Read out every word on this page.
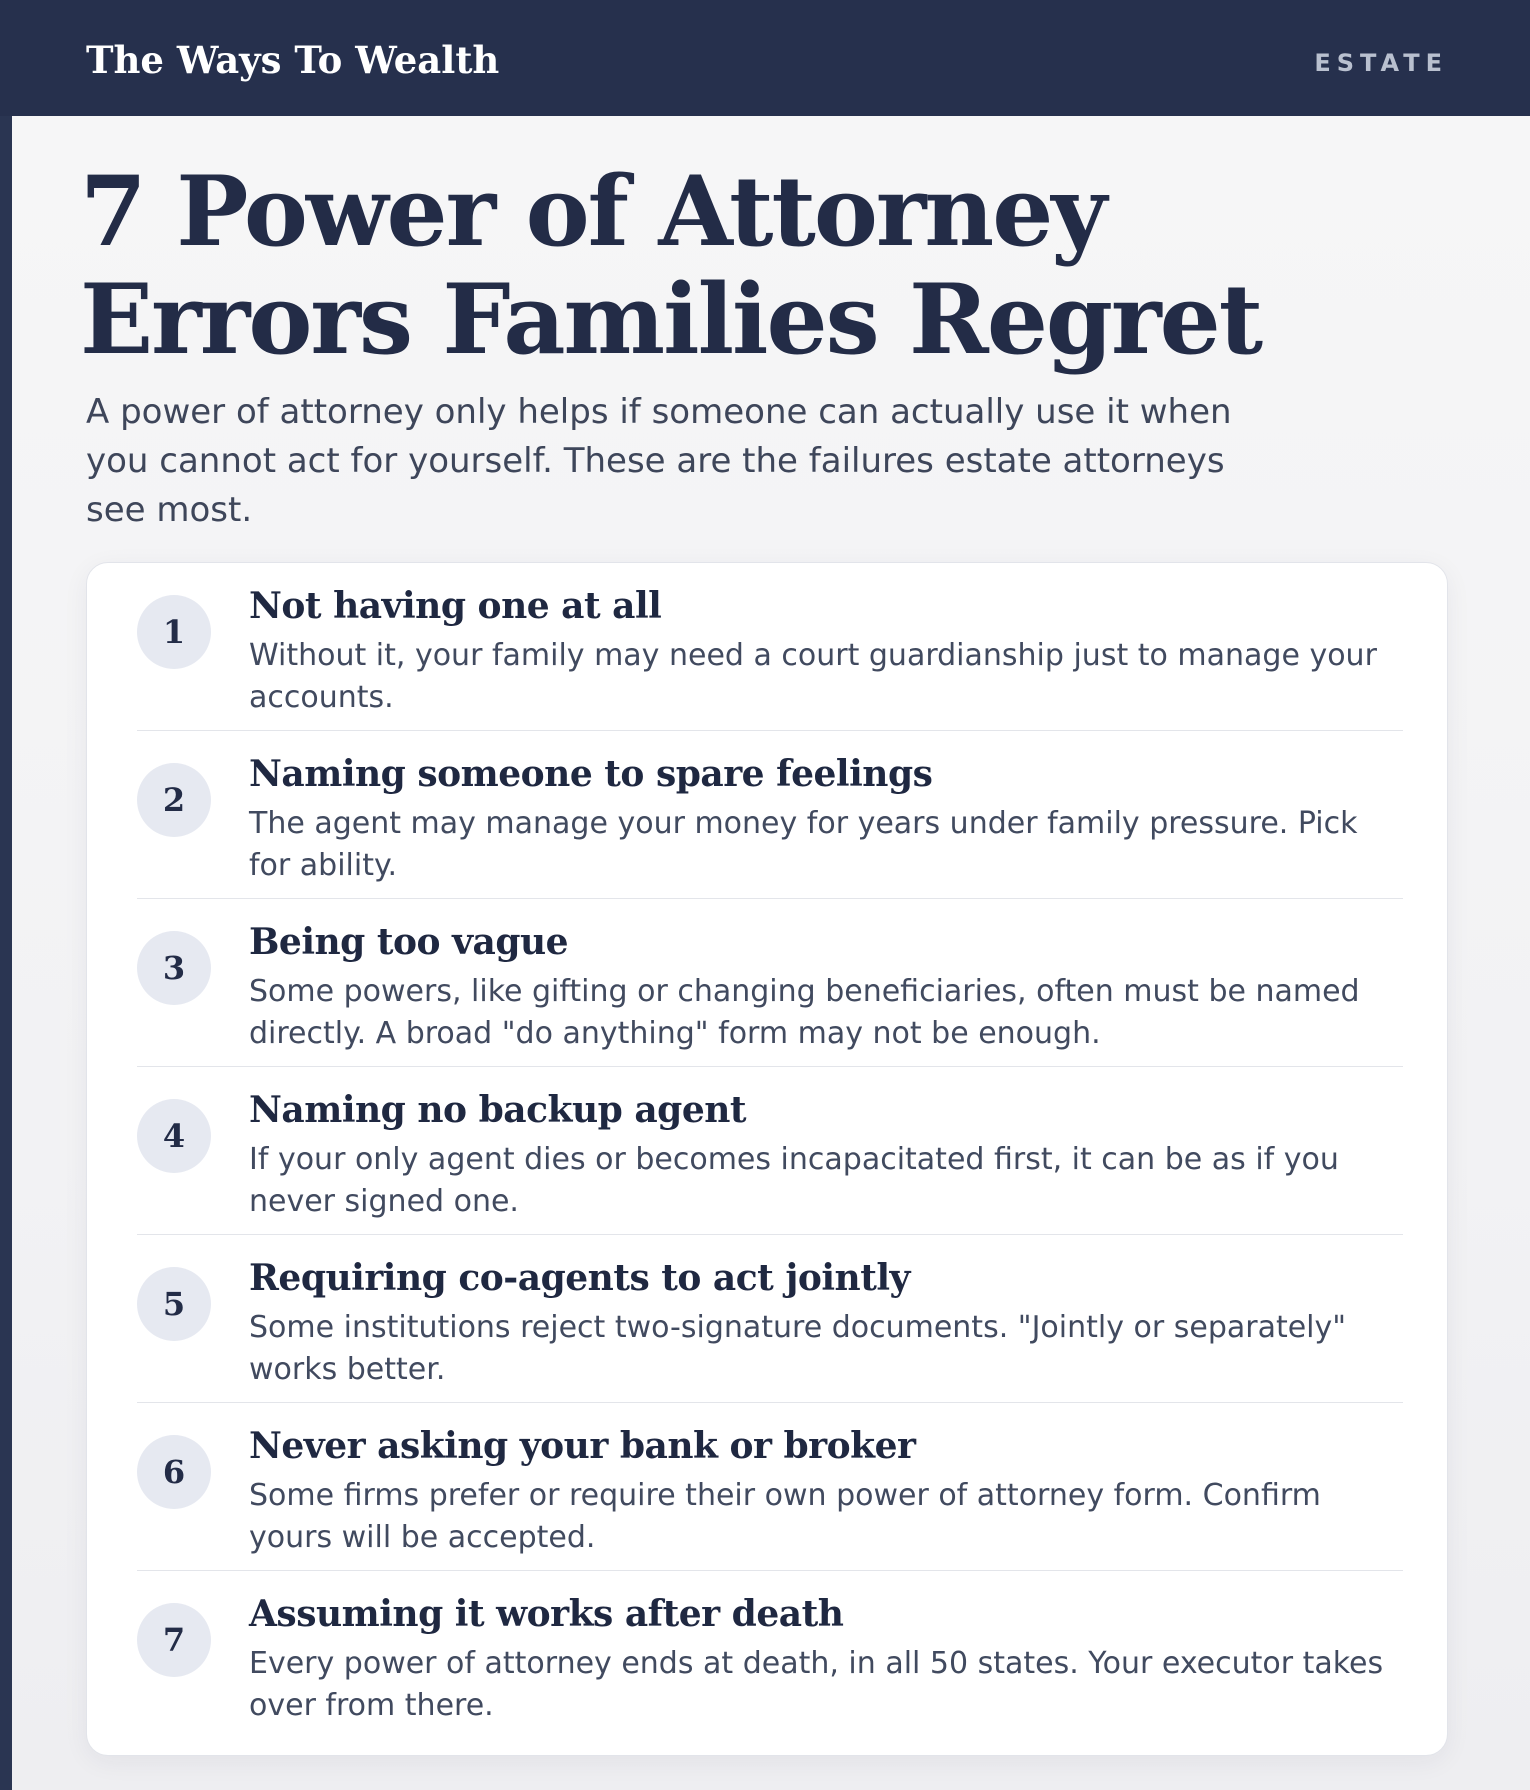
The Ways To Wealth	ESTATE
7 Power of Attorney Errors Families Regret

A power of attorney only helps if someone can actually use it when you cannot act for yourself. These are the failures estate attorneys see most.

1
Not having one at all

Without it, your family may need a court guardianship just to manage your accounts.

2
Naming someone to spare feelings

The agent may manage your money for years under family pressure. Pick for ability.

3
Being too vague

Some powers, like gifting or changing beneficiaries, often must be named directly. A broad "do anything" form may not be enough.

4
Naming no backup agent

If your only agent dies or becomes incapacitated first, it can be as if you never signed one.

5
Requiring co-agents to act jointly

Some institutions reject two-signature documents. "Jointly or separately" works better.

6
Never asking your bank or broker

Some firms prefer or require their own power of attorney form. Confirm yours will be accepted.

7
Assuming it works after death

Every power of attorney ends at death, in all 50 states. Your executor takes over from there.
